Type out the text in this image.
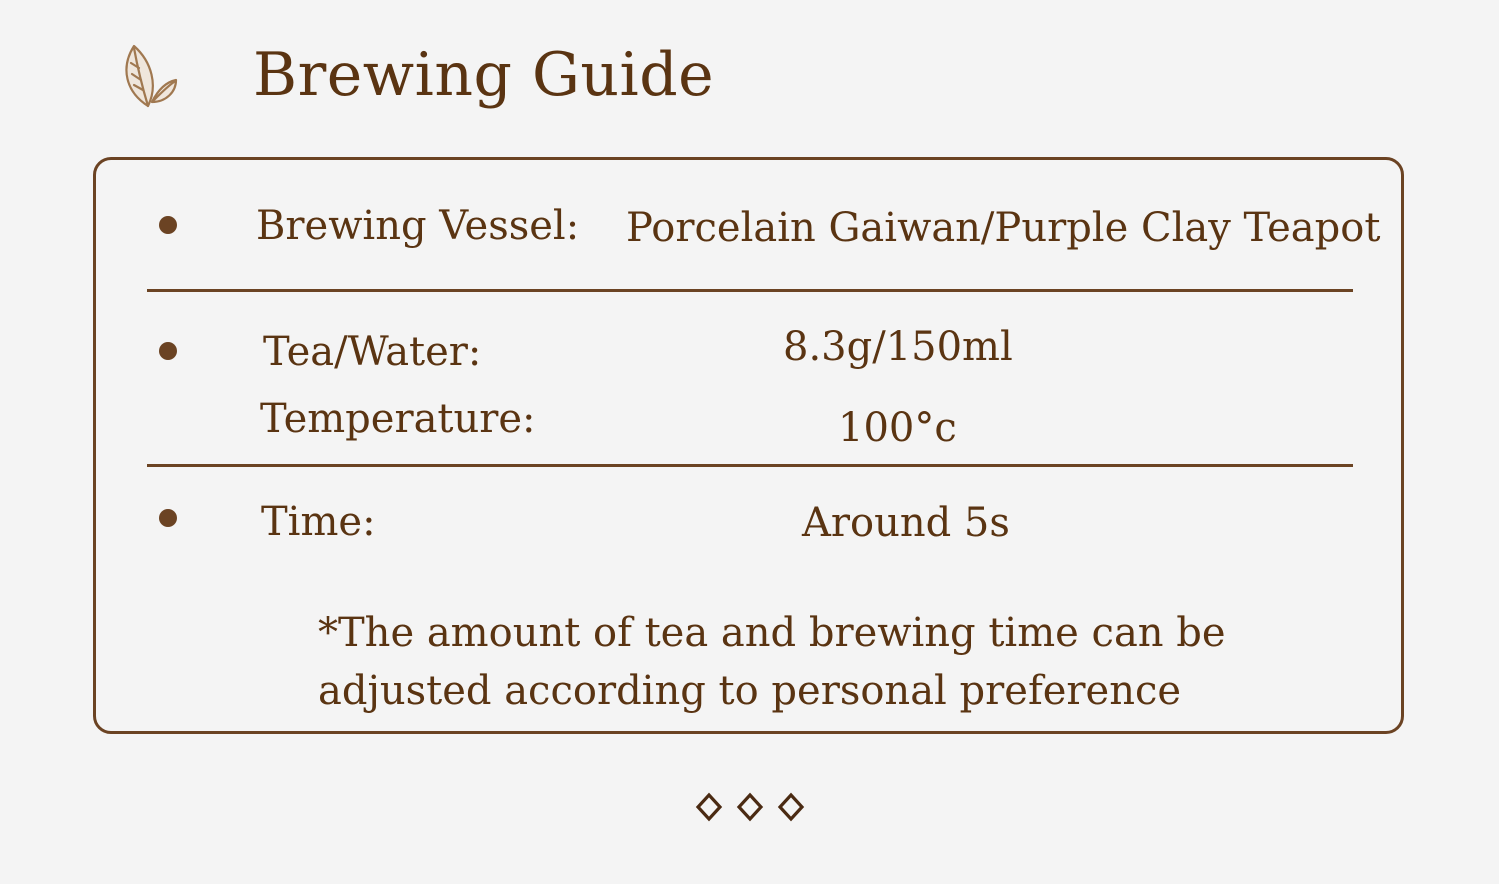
Brewing Guide
Brewing Vessel: Porcelain Gaiwan/Purple Clay Teapot
Tea/Water:	8.3g/150ml
Temperature:	100°c
Time:	Around 5s

*The amount of tea and brewing time can be
adjusted according to personal preference
